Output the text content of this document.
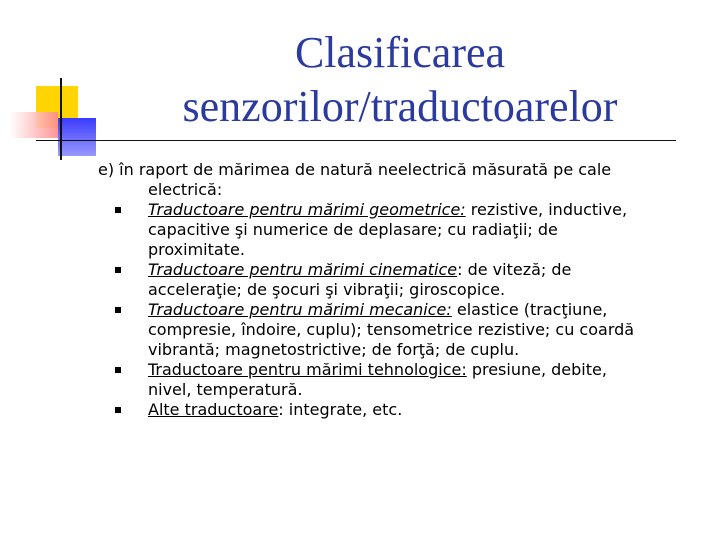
Clasificarea
senzorilor/traductoarelor
e) în raport de mărimea de natură neelectrică măsurată pe cale
electrică:
Traductoare pentru mărimi geometrice: rezistive, inductive,
capacitive şi numerice de deplasare; cu radiaţii; de
proximitate.
Traductoare pentru mărimi cinematice: de viteză; de
acceleraţie; de şocuri şi vibraţii; giroscopice.
Traductoare pentru mărimi mecanice: elastice (tracţiune,
compresie, îndoire, cuplu); tensometrice rezistive; cu coardă
vibrantă; magnetostrictive; de forţă; de cuplu.
Traductoare pentru mărimi tehnologice: presiune, debite,
nivel, temperatură.
Alte traductoare: integrate, etc.
